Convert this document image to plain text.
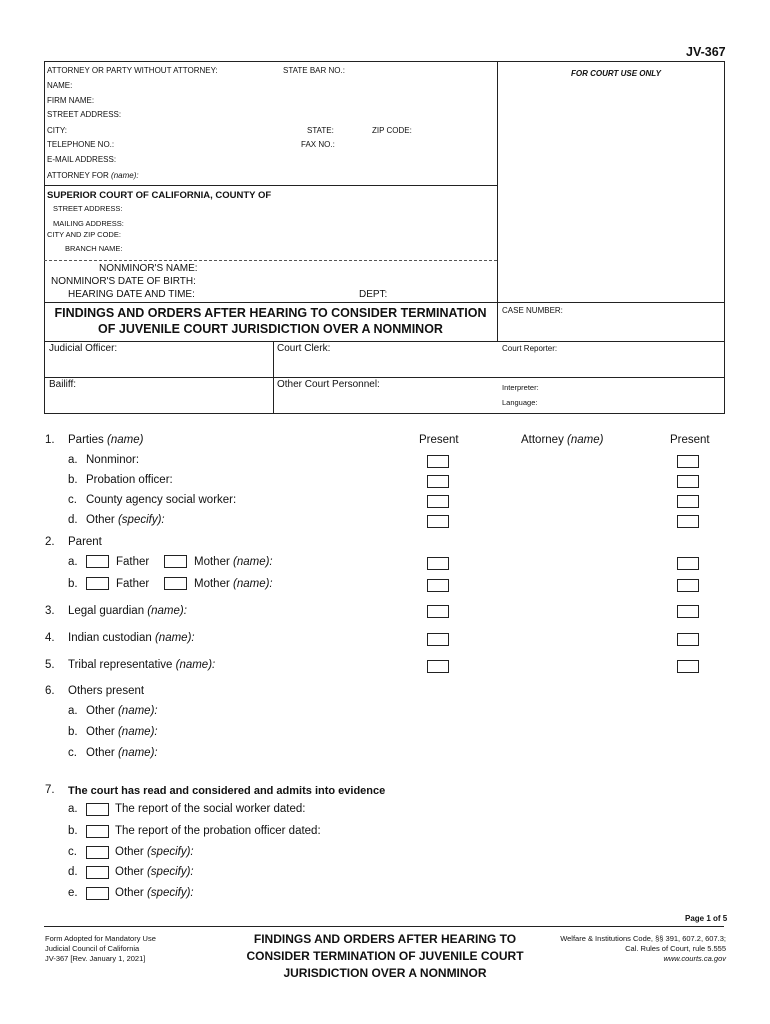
JV-367
ATTORNEY OR PARTY WITHOUT ATTORNEY:	STATE BAR NO.:	FOR COURT USE ONLY
NAME:
FIRM NAME:
STREET ADDRESS:
CITY:	STATE:	ZIP CODE:
TELEPHONE NO.:	FAX NO.:
E-MAIL ADDRESS:
ATTORNEY FOR (name):
SUPERIOR COURT OF CALIFORNIA, COUNTY OF
STREET ADDRESS:
MAILING ADDRESS:
CITY AND ZIP CODE:
BRANCH NAME:
NONMINOR'S NAME:
NONMINOR'S DATE OF BIRTH:
HEARING DATE AND TIME:	DEPT:
FINDINGS AND ORDERS AFTER HEARING TO CONSIDER TERMINATION
OF JUVENILE COURT JURISDICTION OVER A NONMINOR
CASE NUMBER:
Judicial Officer:	Court Clerk:	Court Reporter:
Bailiff:	Other Court Personnel:	Interpreter:
Language:
1. Parties (name)	Present	Attorney (name)	Present
a. Nonminor:
b. Probation officer:
c. County agency social worker:
d. Other (specify):
2. Parent
a.	Father	Mother (name):
b.	Father	Mother (name):
3. Legal guardian (name):
4. Indian custodian (name):
5. Tribal representative (name):
6. Others present
a. Other (name):
b. Other (name):
c. Other (name):
7. The court has read and considered and admits into evidence
a.	The report of the social worker dated:
b.	The report of the probation officer dated:
c.	Other (specify):
d.	Other (specify):
e.	Other (specify):
Page 1 of 5
Form Adopted for Mandatory Use
Judicial Council of California
JV-367 [Rev. January 1, 2021]
FINDINGS AND ORDERS AFTER HEARING TO
CONSIDER TERMINATION OF JUVENILE COURT
JURISDICTION OVER A NONMINOR
Welfare & Institutions Code, §§ 391, 607.2, 607.3;
Cal. Rules of Court, rule 5.555
www.courts.ca.gov
